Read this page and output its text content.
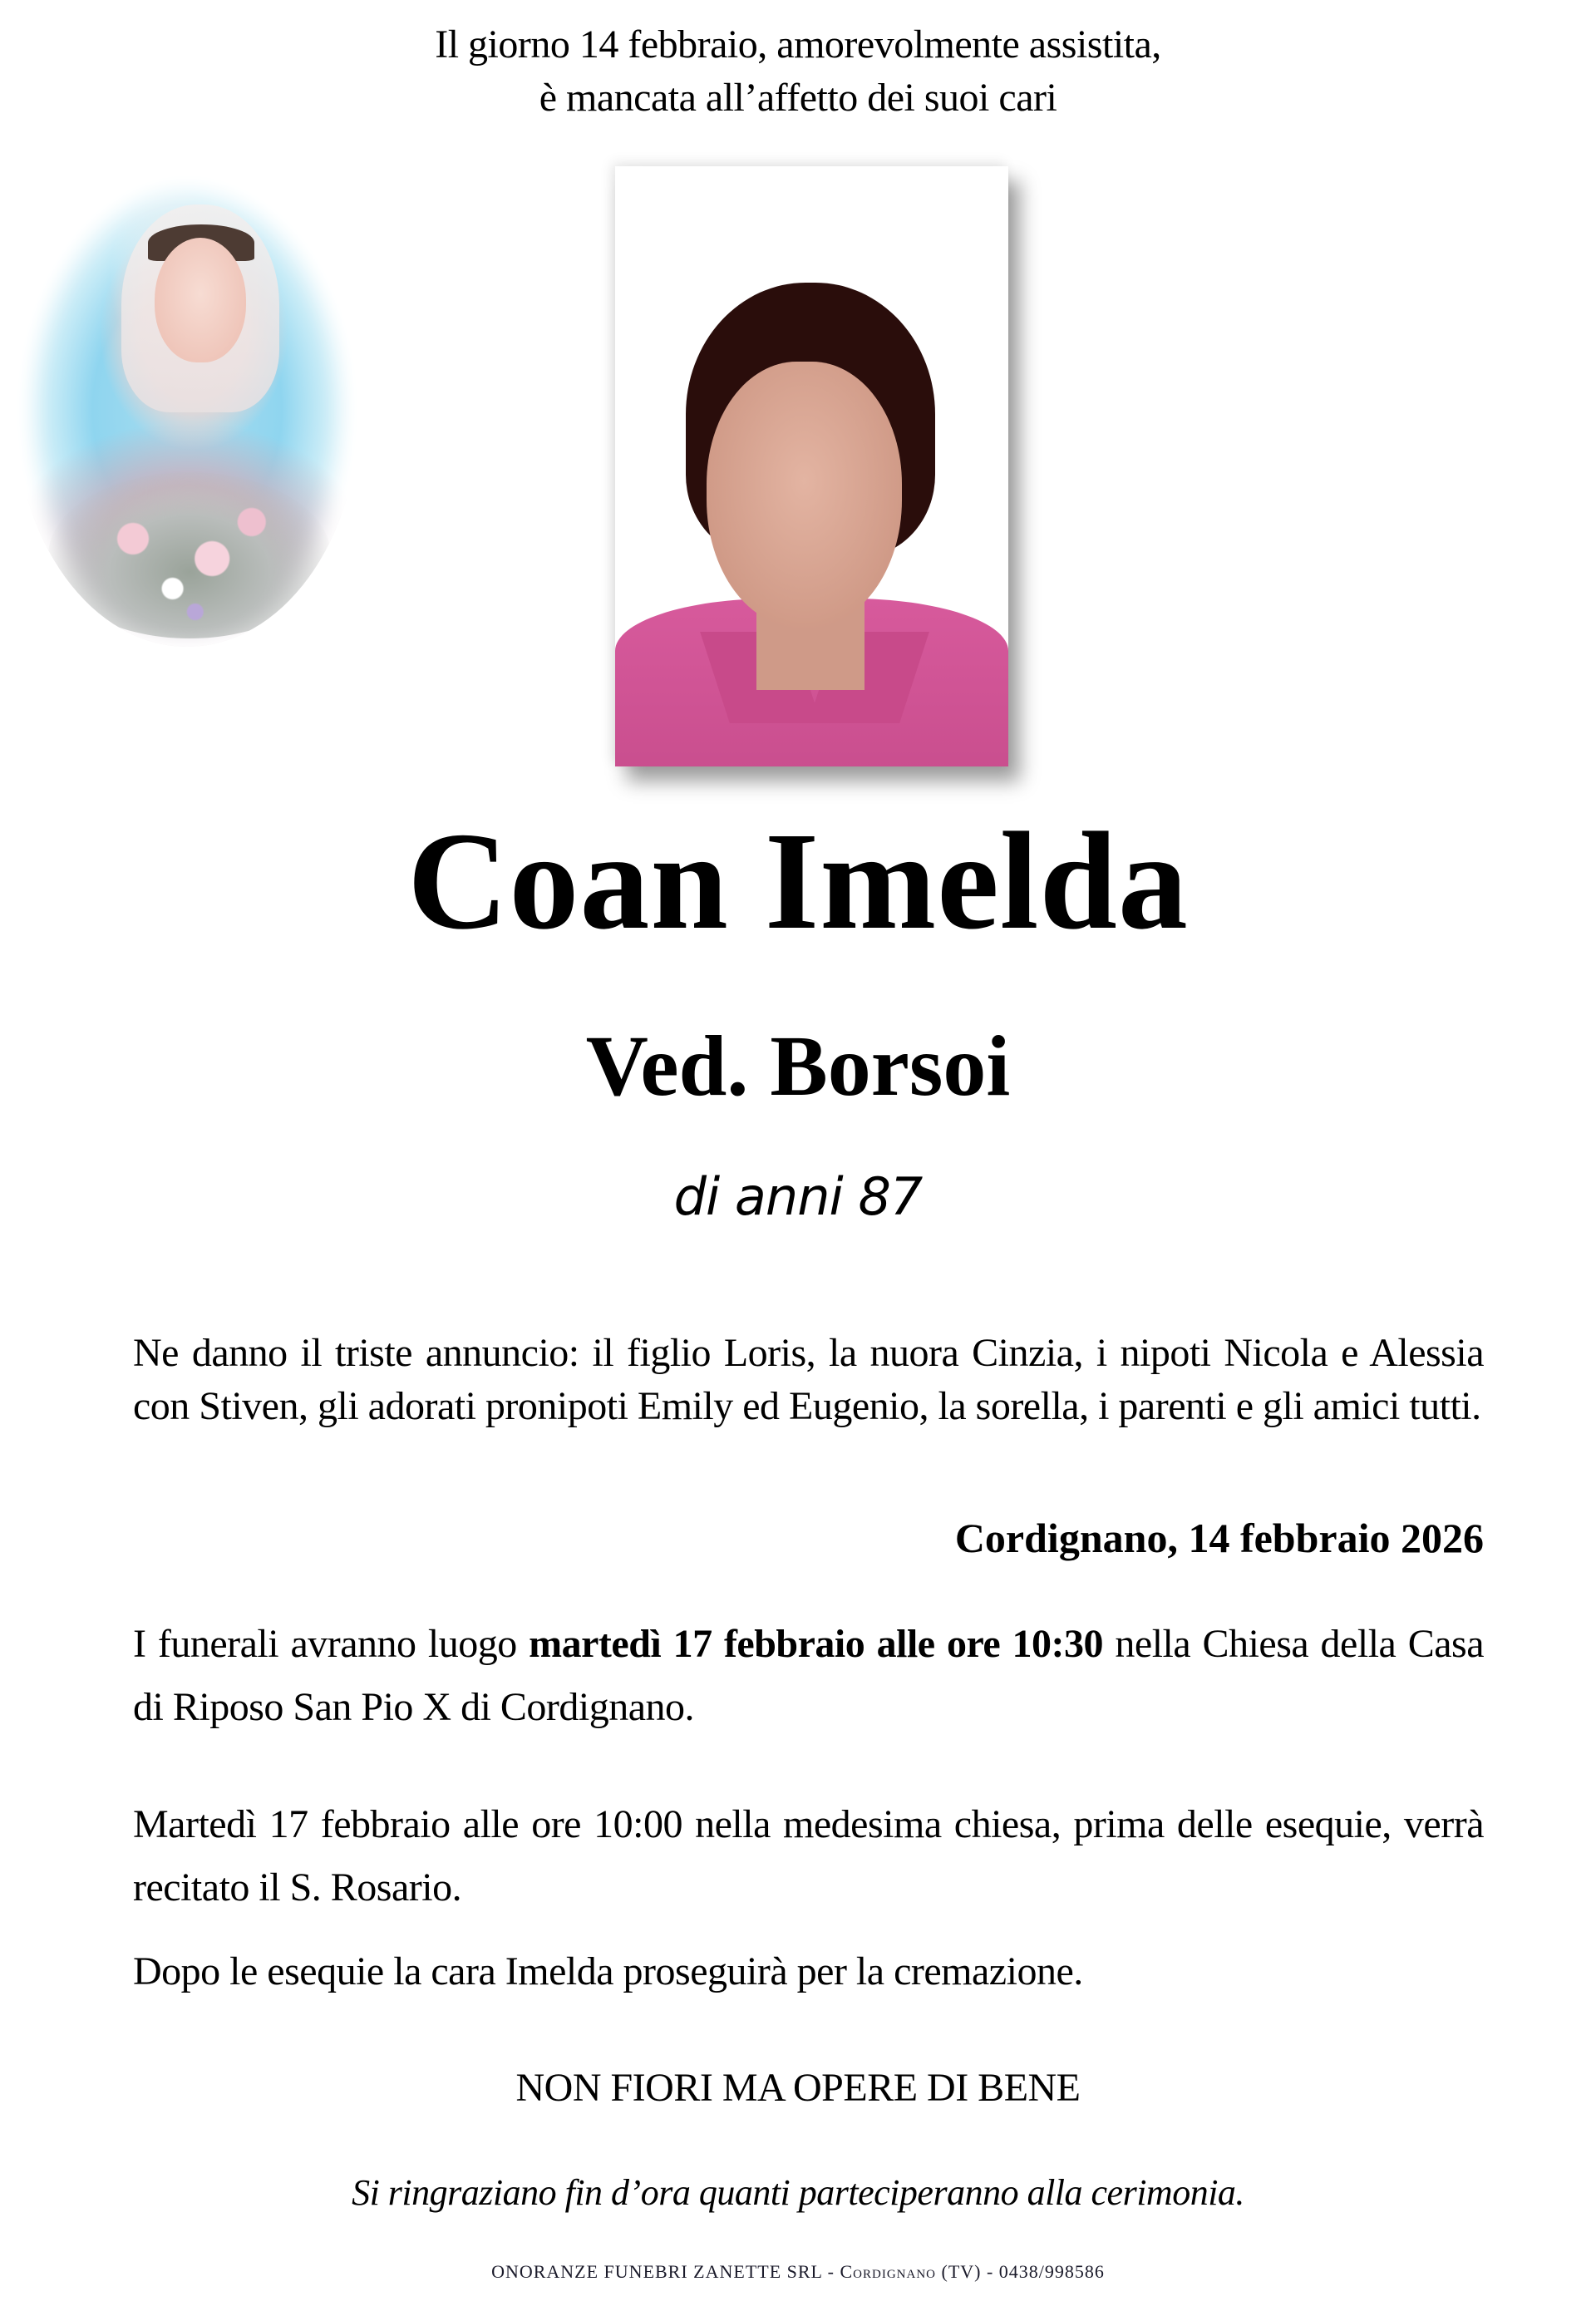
Il giorno 14 febbraio, amorevolmente assistita,
è mancata all’affetto dei suoi cari
Coan Imelda
Ved. Borsoi
di anni 87
Ne danno il triste annuncio: il figlio Loris, la nuora Cinzia, i nipoti Nicola e Alessia con Stiven, gli adorati pronipoti Emily ed Eugenio, la sorella, i parenti e gli amici tutti.
Cordignano, 14 febbraio 2026
I funerali avranno luogo martedì 17 febbraio alle ore 10:30 nella Chiesa della Casa di Riposo San Pio X di Cordignano.
Martedì 17 febbraio alle ore 10:00 nella medesima chiesa, prima delle esequie, verrà recitato il S. Rosario.
Dopo le esequie la cara Imelda proseguirà per la cremazione.
NON FIORI MA OPERE DI BENE
Si ringraziano fin d’ora quanti parteciperanno alla cerimonia.
ONORANZE FUNEBRI ZANETTE SRL - Cordignano (TV) - 0438/998586
